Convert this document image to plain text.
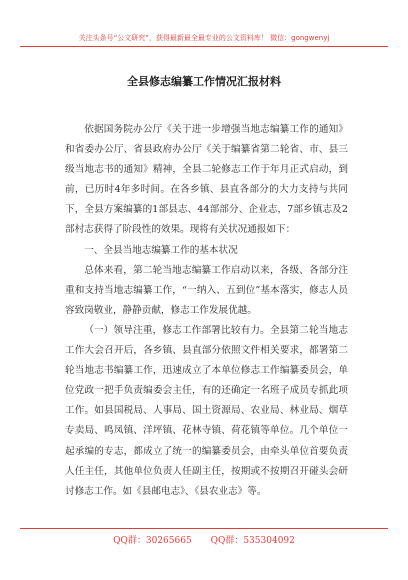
关注头条号“公文研究”，获得最新最全最专业的公文资料库！ 微信：gongwenyj
全县修志编纂工作情况汇报材料

依据国务院办公厅《关于进一步增强当地志编纂工作的通知》和省委办公厅、省县政府办公厅《关于编纂省第二轮省、市、县三级当地志书的通知》精神，全县二轮修志工作于年月正式启动，到前，已历时4年多时间。在各乡镇、县直各部分的大力支持与共同下，全县方案编纂的1部县志、44部部分、企业志，7部乡镇志及2部村志获得了阶段性的效果。现将有关状况通报如下：

一、全县当地志编纂工作的基本状况

总体来看，第二轮当地志编纂工作启动以来，各级、各部分注重和支持当地志编纂工作，“一纳入、五到位”基本落实，修志人员容致岗敬业，静静贡献，修志工作发展优越。

（一）领导注重，修志工作部署比较有力。全县第二轮当地志工作大会召开后，各乡镇、县直部分依照文件相关要求，都署第二轮当地志书编纂工作，迅速成立了本单位修志工作编纂委员会，单位党政一把手负责编委会主任，有的还确定一名班子成员专抓此项工作。如县国税局、人事局、国土资源局、农业局、林业局、烟草专卖局、鸣凤镇、洋坪镇、花林寺镇、荷花镇等单位。几个单位一起承编的专志，都成立了统一的编纂委员会，由牵头单位首要负责人任主任，其他单位负责人任副主任，按期或不按期召开碰头会研讨修志工作。如《县邮电志》、《县农业志》等。

QQ群：30265665 QQ群：535304092
